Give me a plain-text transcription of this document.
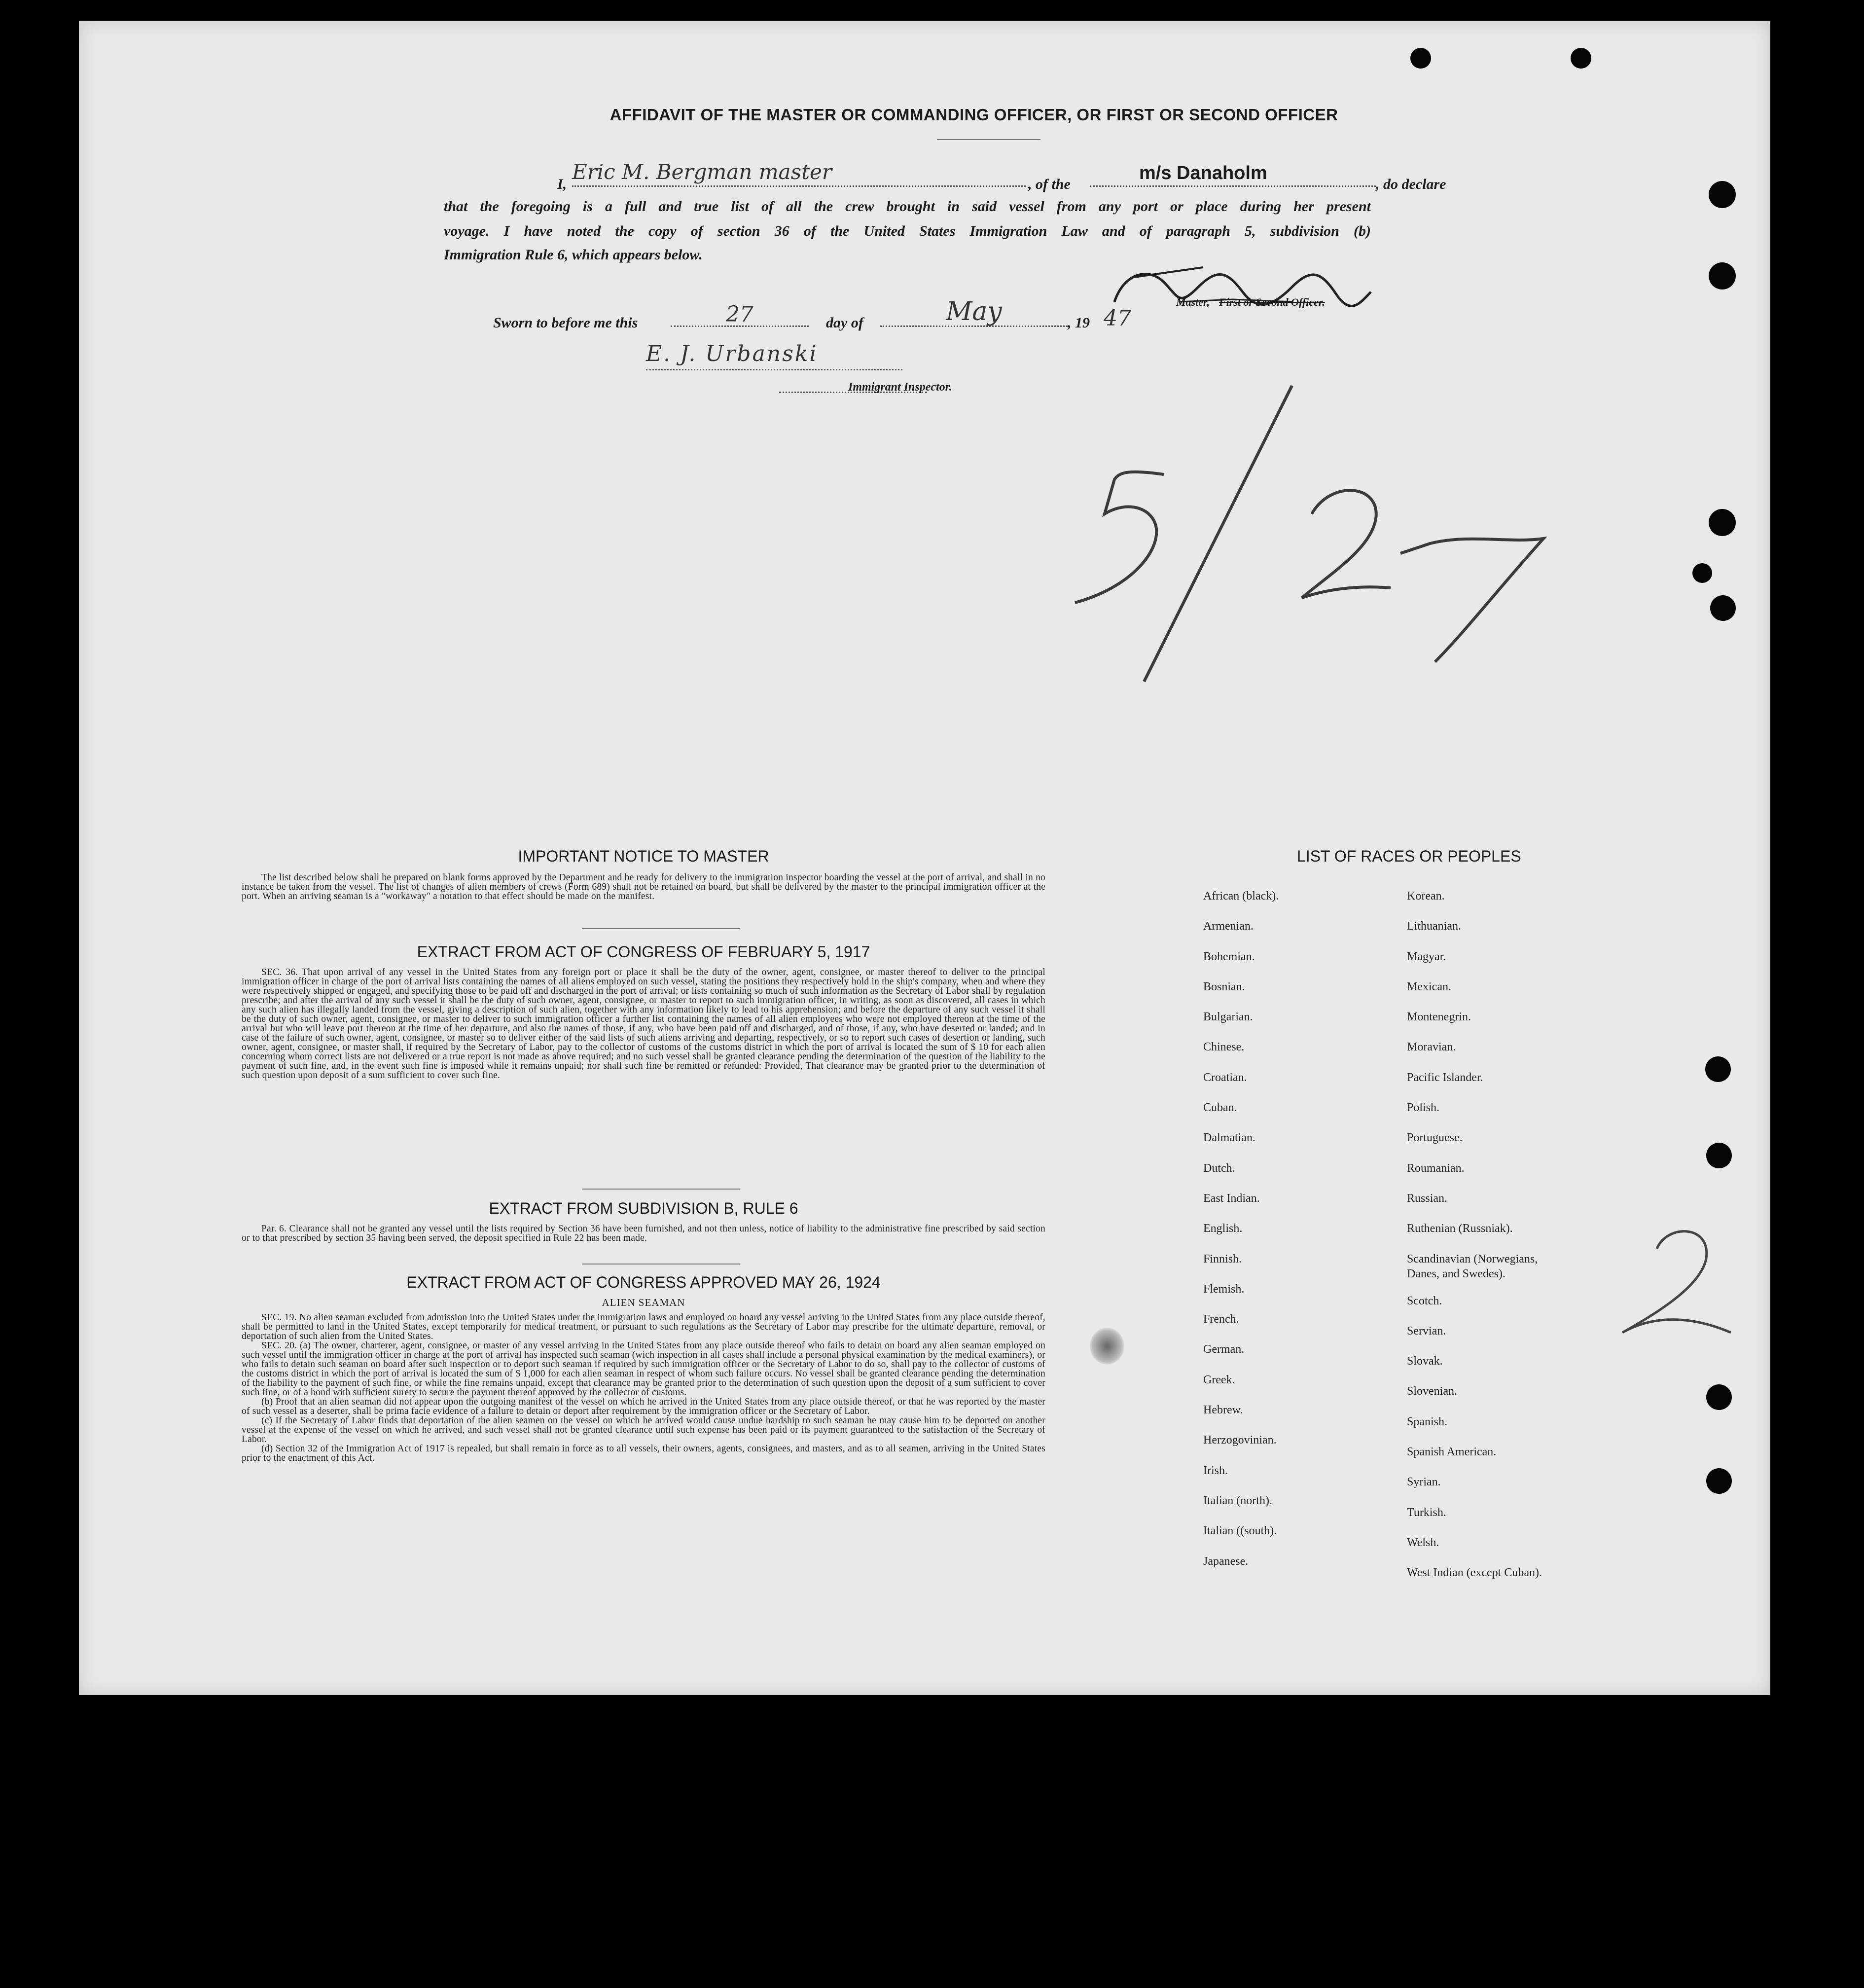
AFFIDAVIT OF THE MASTER OR COMMANDING OFFICER, OR FIRST OR SECOND OFFICER
I,
Eric M. Bergman master
, of the
m/s Danaholm
, do declare
that the foregoing is a full and true list of all the crew brought in said vessel from any port or place during her present
voyage. I have noted the copy of section 36 of the United States Immigration Law and of paragraph 5, subdivision (b)
Immigration Rule 6, which appears below.
Master, First or Second Officer.
Sworn to before me this	27	day of	May	, 19 47
E. J. Urbanski
Immigrant Inspector.
5/27
IMPORTANT NOTICE TO MASTER

The list described below shall be prepared on blank forms approved by the Department and be ready for delivery to the immigration inspector boarding the vessel at the port of arrival, and shall in no instance be taken from the vessel. The list of changes of alien members of crews (Form 689) shall not be retained on board, but shall be delivered by the master to the principal immigration officer at the port. When an arriving seaman is a "workaway" a notation to that effect should be made on the manifest.

EXTRACT FROM ACT OF CONGRESS OF FEBRUARY 5, 1917

SEC. 36. That upon arrival of any vessel in the United States from any foreign port or place it shall be the duty of the owner, agent, consignee, or master thereof to deliver to the principal immigration officer in charge of the port of arrival lists containing the names of all aliens employed on such vessel, stating the positions they respectively hold in the ship's company, when and where they were respectively shipped or engaged, and specifying those to be paid off and discharged in the port of arrival; or lists containing so much of such information as the Secretary of Labor shall by regulation prescribe; and after the arrival of any such vessel it shall be the duty of such owner, agent, consignee, or master to report to such immigration officer, in writing, as soon as discovered, all cases in which any such alien has illegally landed from the vessel, giving a description of such alien, together with any information likely to lead to his apprehension; and before the departure of any such vessel it shall be the duty of such owner, agent, consignee, or master to deliver to such immigration officer a further list containing the names of all alien employees who were not employed thereon at the time of the arrival but who will leave port thereon at the time of her departure, and also the names of those, if any, who have been paid off and discharged, and of those, if any, who have deserted or landed; and in case of the failure of such owner, agent, consignee, or master so to deliver either of the said lists of such aliens arriving and departing, respectively, or so to report such cases of desertion or landing, such owner, agent, consignee, or master shall, if required by the Secretary of Labor, pay to the collector of customs of the customs district in which the port of arrival is located the sum of $ 10 for each alien concerning whom correct lists are not delivered or a true report is not made as above required; and no such vessel shall be granted clearance pending the determination of the question of the liability to the payment of such fine, and, in the event such fine is imposed while it remains unpaid; nor shall such fine be remitted or refunded: Provided, That clearance may be granted prior to the determination of such question upon deposit of a sum sufficient to cover such fine.

EXTRACT FROM SUBDIVISION B, RULE 6

Par. 6. Clearance shall not be granted any vessel until the lists required by Section 36 have been furnished, and not then unless, notice of liability to the administrative fine prescribed by said section or to that prescribed by section 35 having been served, the deposit specified in Rule 22 has been made.

EXTRACT FROM ACT OF CONGRESS APPROVED MAY 26, 1924
ALIEN SEAMAN

SEC. 19. No alien seaman excluded from admission into the United States under the immigration laws and employed on board any vessel arriving in the United States from any place outside thereof, shall be permitted to land in the United States, except temporarily for medical treatment, or pursuant to such regulations as the Secretary of Labor may prescribe for the ultimate departure, removal, or deportation of such alien from the United States.

SEC. 20. (a) The owner, charterer, agent, consignee, or master of any vessel arriving in the United States from any place outside thereof who fails to detain on board any alien seaman employed on such vessel until the immigration officer in charge at the port of arrival has inspected such seaman (wich inspection in all cases shall include a personal physical examination by the medical examiners), or who fails to detain such seaman on board after such inspection or to deport such seaman if required by such immigration officer or the Secretary of Labor to do so, shall pay to the collector of customs of the customs district in which the port of arrival is located the sum of $ 1,000 for each alien seaman in respect of whom such failure occurs. No vessel shall be granted clearance pending the determination of the liability to the payment of such fine, or while the fine remains unpaid, except that clearance may be granted prior to the determination of such question upon the deposit of a sum sufficient to cover such fine, or of a bond with sufficient surety to secure the payment thereof approved by the collector of customs.

(b) Proof that an alien seaman did not appear upon the outgoing manifest of the vessel on which he arrived in the United States from any place outside thereof, or that he was reported by the master of such vessel as a deserter, shall be prima facie evidence of a failure to detain or deport after requirement by the immigration officer or the Secretary of Labor.

(c) If the Secretary of Labor finds that deportation of the alien seamen on the vessel on which he arrived would cause undue hardship to such seaman he may cause him to be deported on another vessel at the expense of the vessel on which he arrived, and such vessel shall not be granted clearance until such expense has been paid or its payment guaranteed to the satisfaction of the Secretary of Labor.

(d) Section 32 of the Immigration Act of 1917 is repealed, but shall remain in force as to all vessels, their owners, agents, consignees, and masters, and as to all seamen, arriving in the United States prior to the enactment of this Act.

LIST OF RACES OR PEOPLES
African (black).
Armenian.
Bohemian.
Bosnian.
Bulgarian.
Chinese.
Croatian.
Cuban.
Dalmatian.
Dutch.
East Indian.
English.
Finnish.
Flemish.
French.
German.
Greek.
Hebrew.
Herzogovinian.
Irish.
Italian (north).
Italian ((south).
Japanese.
Korean.
Lithuanian.
Magyar.
Mexican.
Montenegrin.
Moravian.
Pacific Islander.
Polish.
Portuguese.
Roumanian.
Russian.
Ruthenian (Russniak).
Scandinavian (Norwegians, Danes, and Swedes).
Scotch.
Servian.
Slovak.
Slovenian.
Spanish.
Spanish American.
Syrian.
Turkish.
Welsh.
West Indian (except Cuban).
2
